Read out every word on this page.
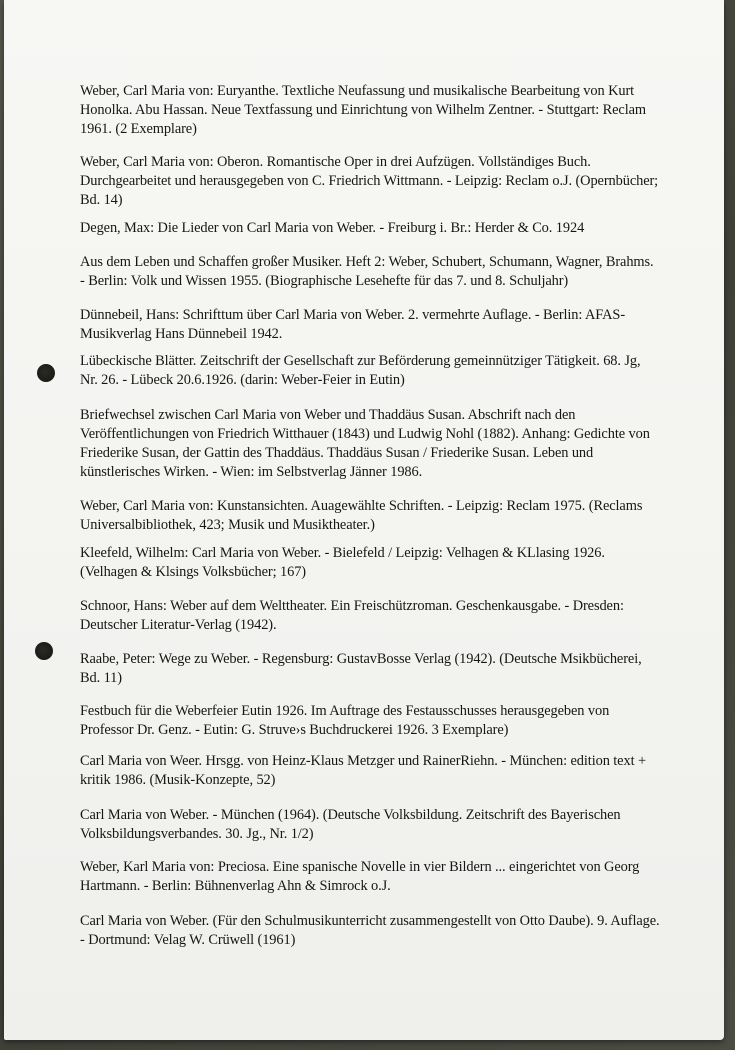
Weber, Carl Maria von: Euryanthe. Textliche Neufassung und musikalische Bearbeitung von Kurt Honolka. Abu Hassan. Neue Textfassung und Einrichtung von Wilhelm Zentner. - Stuttgart: Reclam 1961. (2 Exemplare)

Weber, Carl Maria von: Oberon. Romantische Oper in drei Aufzügen. Vollständiges Buch. Durchgearbeitet und herausgegeben von C. Friedrich Wittmann. - Leipzig: Reclam o.J. (Opernbücher; Bd. 14)

Degen, Max: Die Lieder von Carl Maria von Weber. - Freiburg i. Br.: Herder & Co. 1924

Aus dem Leben und Schaffen großer Musiker. Heft 2: Weber, Schubert, Schumann, Wagner, Brahms. - Berlin: Volk und Wissen 1955. (Biographische Lesehefte für das 7. und 8. Schuljahr)

Dünnebeil, Hans: Schrifttum über Carl Maria von Weber. 2. vermehrte Auflage. - Berlin: AFAS-Musikverlag Hans Dünnebeil 1942.

Lübeckische Blätter. Zeitschrift der Gesellschaft zur Beförderung gemeinnütziger Tätigkeit. 68. Jg, Nr. 26. - Lübeck 20.6.1926. (darin: Weber-Feier in Eutin)

Briefwechsel zwischen Carl Maria von Weber und Thaddäus Susan. Abschrift nach den Veröffentlichungen von Friedrich Witthauer (1843) und Ludwig Nohl (1882). Anhang: Gedichte von Friederike Susan, der Gattin des Thaddäus. Thaddäus Susan / Friederike Susan. Leben und künstlerisches Wirken. - Wien: im Selbstverlag Jänner 1986.

Weber, Carl Maria von: Kunstansichten. Auagewählte Schriften. - Leipzig: Reclam 1975. (Reclams Universalbibliothek, 423; Musik und Musiktheater.)

Kleefeld, Wilhelm: Carl Maria von Weber. - Bielefeld / Leipzig: Velhagen & KLlasing 1926. (Velhagen & Klsings Volksbücher; 167)

Schnoor, Hans: Weber auf dem Welttheater. Ein Freischützroman. Geschenkausgabe. - Dresden: Deutscher Literatur-Verlag (1942).

Raabe, Peter: Wege zu Weber. - Regensburg: GustavBosse Verlag (1942). (Deutsche Msikbücherei, Bd. 11)

Festbuch für die Weberfeier Eutin 1926. Im Auftrage des Festausschusses herausgegeben von Professor Dr. Genz. - Eutin: G. Struve›s Buchdruckerei 1926. 3 Exemplare)

Carl Maria von Weer. Hrsgg. von Heinz-Klaus Metzger und RainerRiehn. - München: edition text + kritik 1986. (Musik-Konzepte, 52)

Carl Maria von Weber. - München (1964). (Deutsche Volksbildung. Zeitschrift des Bayerischen Volksbildungsverbandes. 30. Jg., Nr. 1/2)

Weber, Karl Maria von: Preciosa. Eine spanische Novelle in vier Bildern ... eingerichtet von Georg Hartmann. - Berlin: Bühnenverlag Ahn & Simrock o.J.

Carl Maria von Weber. (Für den Schulmusikunterricht zusammengestellt von Otto Daube). 9. Auflage. - Dortmund: Velag W. Crüwell (1961)
